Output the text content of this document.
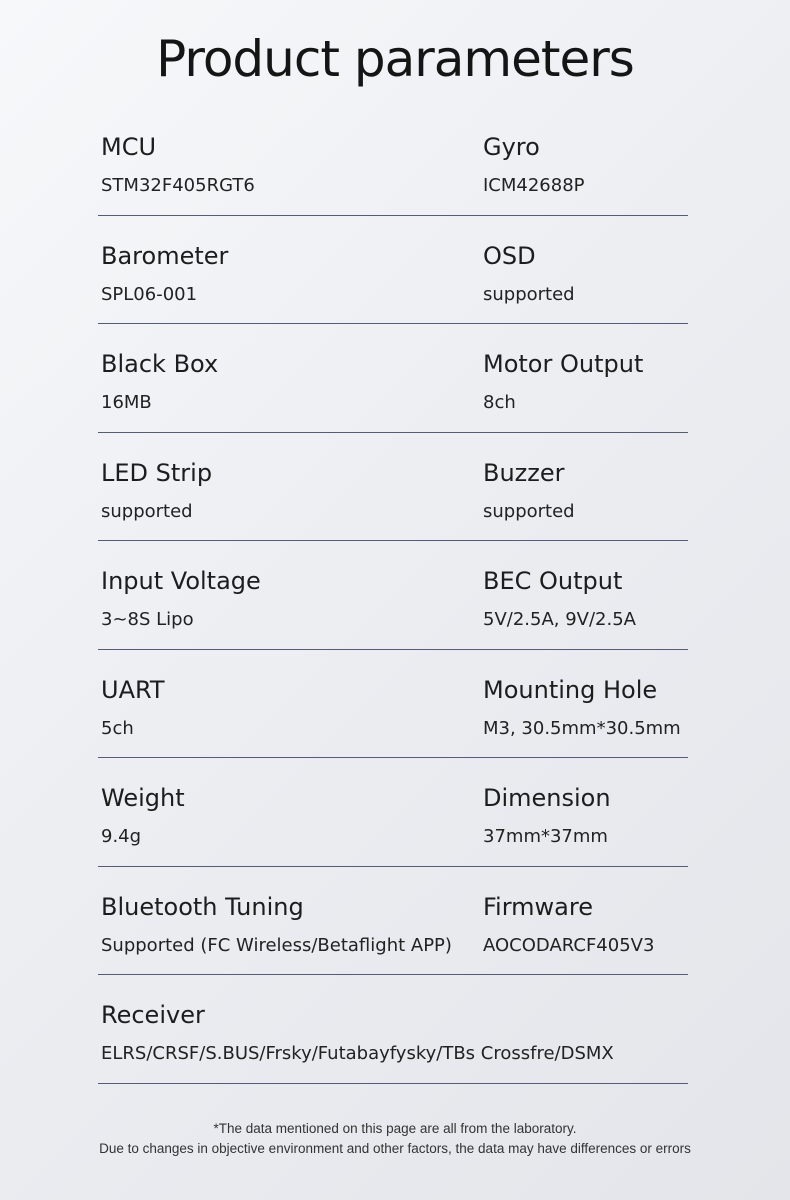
Product parameters
MCU
STM32F405RGT6
Gyro
ICM42688P
Barometer
SPL06-001
OSD
supported
Black Box
16MB
Motor Output
8ch
LED Strip
supported
Buzzer
supported
Input Voltage
3~8S Lipo
BEC Output
5V/2.5A, 9V/2.5A
UART
5ch
Mounting Hole
M3, 30.5mm*30.5mm
Weight
9.4g
Dimension
37mm*37mm
Bluetooth Tuning
Supported (FC Wireless/Betaflight APP)
Firmware
AOCODARCF405V3
Receiver
ELRS/CRSF/S.BUS/Frsky/Futabayfysky/TBs Crossfre/DSMX
*The data mentioned on this page are all from the laboratory.
Due to changes in objective environment and other factors, the data may have differences or errors
